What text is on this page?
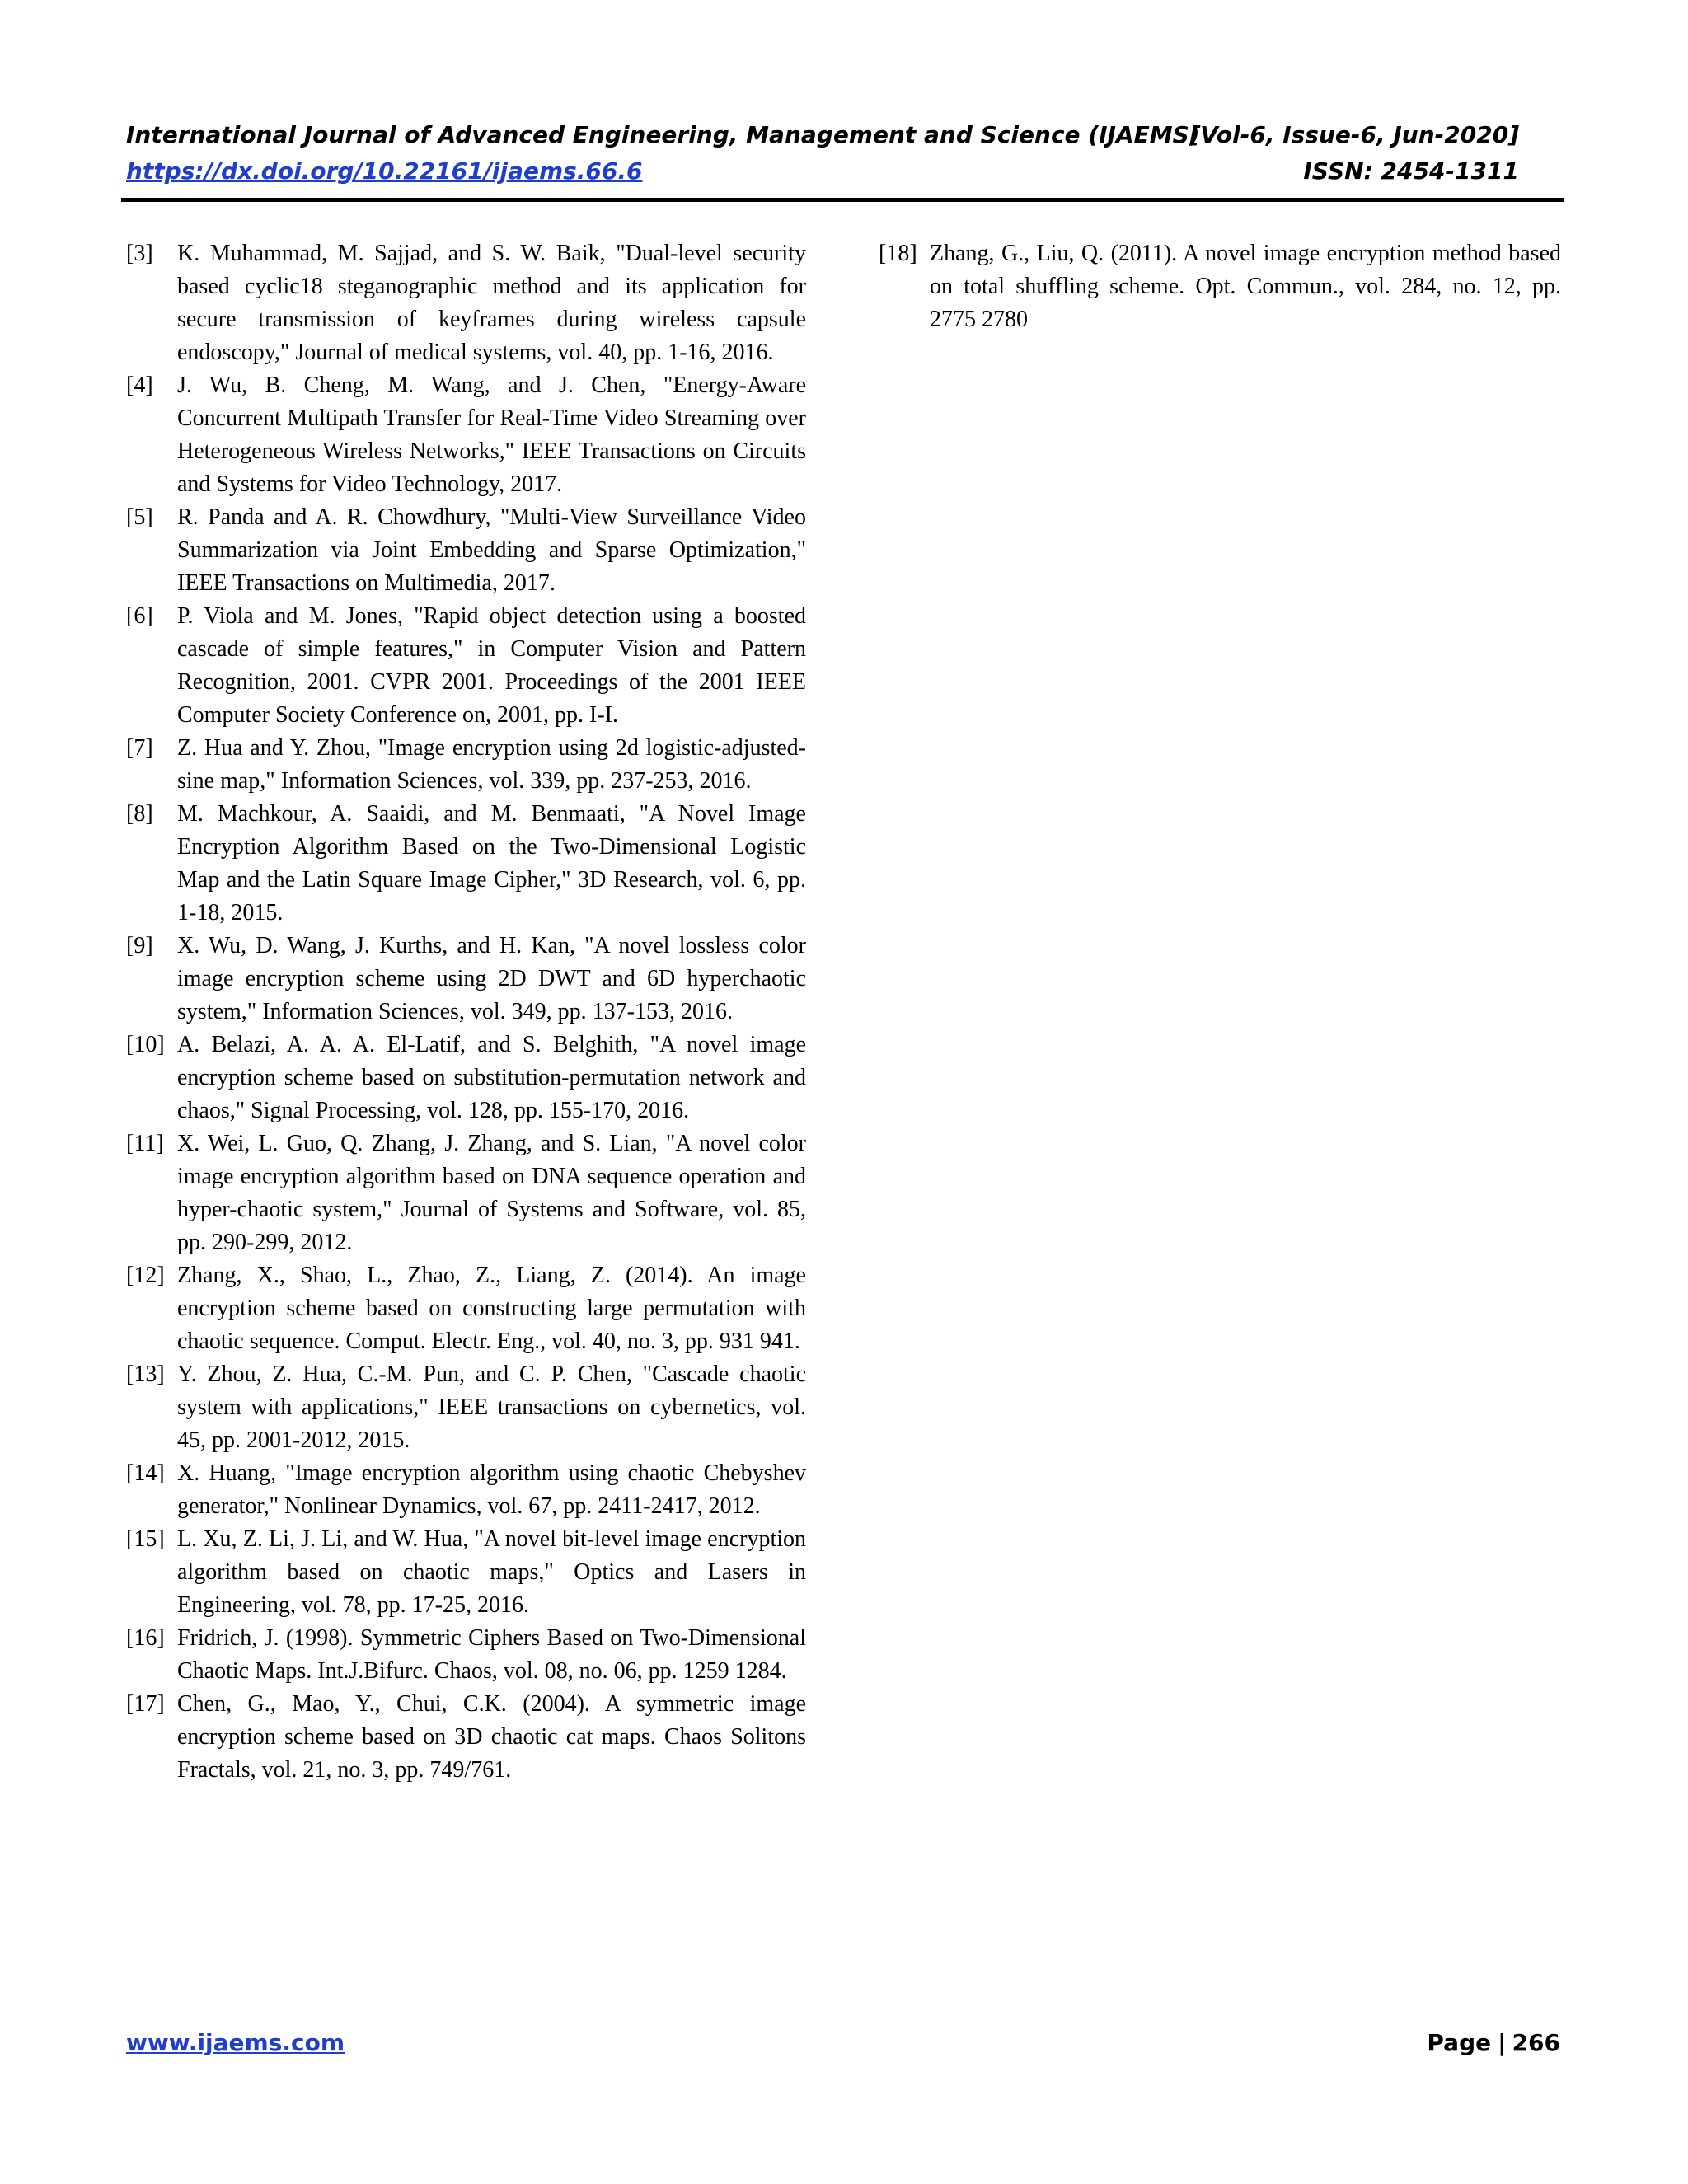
International Journal of Advanced Engineering, Management and Science (IJAEMS)
[Vol-6, Issue-6, Jun-2020]
https://dx.doi.org/10.22161/ijaems.66.6	ISSN: 2454-1311
[3] K. Muhammad, M. Sajjad, and S. W. Baik, "Dual-level security based cyclic18 steganographic method and its application for secure transmission of keyframes during wireless capsule endoscopy," Journal of medical systems, vol. 40, pp. 1-16, 2016.
[4] J. Wu, B. Cheng, M. Wang, and J. Chen, "Energy-Aware Concurrent Multipath Transfer for Real-Time Video Streaming over Heterogeneous Wireless Networks," IEEE Transactions on Circuits and Systems for Video Technology, 2017.
[5] R. Panda and A. R. Chowdhury, "Multi-View Surveillance Video Summarization via Joint Embedding and Sparse Optimization," IEEE Transactions on Multimedia, 2017.
[6] P. Viola and M. Jones, "Rapid object detection using a boosted cascade of simple features," in Computer Vision and Pattern Recognition, 2001. CVPR 2001. Proceedings of the 2001 IEEE Computer Society Conference on, 2001, pp. I-I.
[7] Z. Hua and Y. Zhou, "Image encryption using 2d logistic-adjusted-sine map," Information Sciences, vol. 339, pp. 237-253, 2016.
[8] M. Machkour, A. Saaidi, and M. Benmaati, "A Novel Image Encryption Algorithm Based on the Two-Dimensional Logistic Map and the Latin Square Image Cipher," 3D Research, vol. 6, pp. 1-18, 2015.
[9] X. Wu, D. Wang, J. Kurths, and H. Kan, "A novel lossless color image encryption scheme using 2D DWT and 6D hyperchaotic system," Information Sciences, vol. 349, pp. 137-153, 2016.
[10] A. Belazi, A. A. A. El-Latif, and S. Belghith, "A novel image encryption scheme based on substitution-permutation network and chaos," Signal Processing, vol. 128, pp. 155-170, 2016.
[11] X. Wei, L. Guo, Q. Zhang, J. Zhang, and S. Lian, "A novel color image encryption algorithm based on DNA sequence operation and hyper-chaotic system," Journal of Systems and Software, vol. 85, pp. 290-299, 2012.
[12] Zhang, X., Shao, L., Zhao, Z., Liang, Z. (2014). An image encryption scheme based on constructing large permutation with chaotic sequence. Comput. Electr. Eng., vol. 40, no. 3, pp. 931 941.
[13] Y. Zhou, Z. Hua, C.-M. Pun, and C. P. Chen, "Cascade chaotic system with applications," IEEE transactions on cybernetics, vol. 45, pp. 2001-2012, 2015.
[14] X. Huang, "Image encryption algorithm using chaotic Chebyshev generator," Nonlinear Dynamics, vol. 67, pp. 2411-2417, 2012.
[15] L. Xu, Z. Li, J. Li, and W. Hua, "A novel bit-level image encryption algorithm based on chaotic maps," Optics and Lasers in Engineering, vol. 78, pp. 17-25, 2016.
[16] Fridrich, J. (1998). Symmetric Ciphers Based on Two-Dimensional Chaotic Maps. Int.J.Bifurc. Chaos, vol. 08, no. 06, pp. 1259 1284.
[17] Chen, G., Mao, Y., Chui, C.K. (2004). A symmetric image encryption scheme based on 3D chaotic cat maps. Chaos Solitons Fractals, vol. 21, no. 3, pp. 749/761.
[18] Zhang, G., Liu, Q. (2011). A novel image encryption method based on total shuffling scheme. Opt. Commun., vol. 284, no. 12, pp. 2775 2780
www.ijaems.com	Page | 266
